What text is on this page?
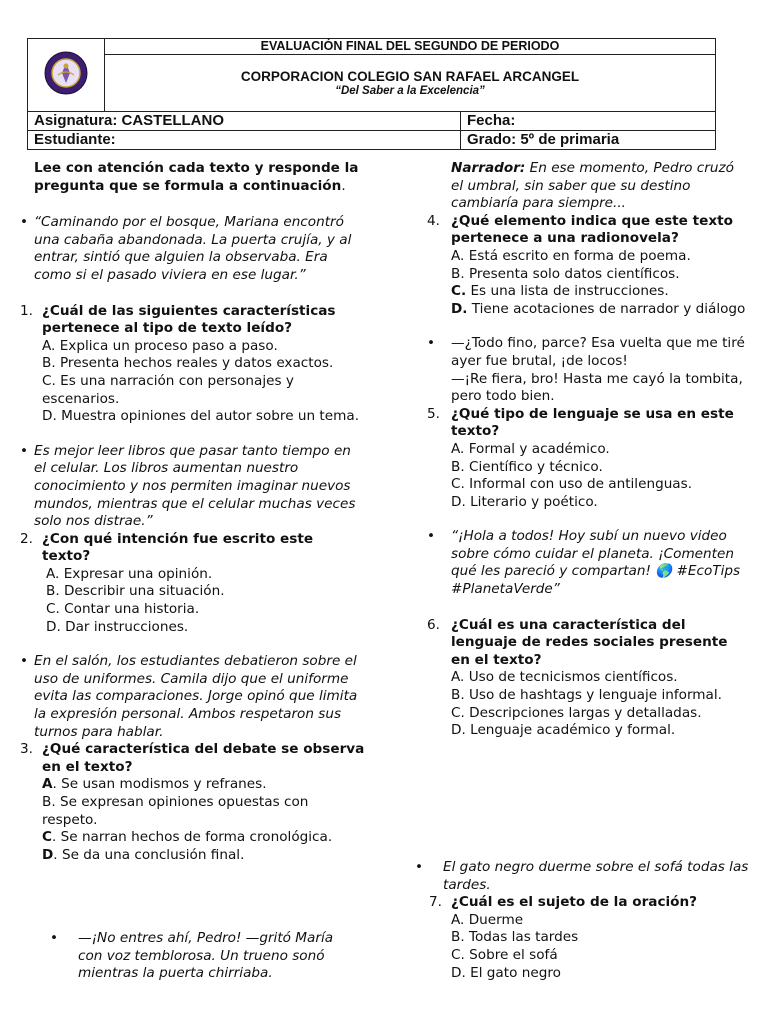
	EVALUACIÓN FINAL DEL SEGUNDO DE PERIODO

CORPORACION COLEGIO SAN RAFAEL ARCANGEL
“Del Saber a la Excelencia”
Asignatura: CASTELLANO	Fecha:
Estudiante:	Grado: 5º de primaria

Lee con atención cada texto y responde la pregunta que se formula a continuación.

• “Caminando por el bosque, Mariana encontró una cabaña abandonada. La puerta crujía, y al entrar, sintió que alguien la observaba. Era como si el pasado viviera en ese lugar.”
1. ¿Cuál de las siguientes características pertenece al tipo de texto leído?

A. Explica un proceso paso a paso.

B. Presenta hechos reales y datos exactos.

C. Es una narración con personajes y escenarios.

D. Muestra opiniones del autor sobre un tema.

• Es mejor leer libros que pasar tanto tiempo en el celular. Los libros aumentan nuestro conocimiento y nos permiten imaginar nuevos mundos, mientras que el celular muchas veces solo nos distrae.”
2. ¿Con qué intención fue escrito este texto?

A. Expresar una opinión.

B. Describir una situación.

C. Contar una historia.

D. Dar instrucciones.

• En el salón, los estudiantes debatieron sobre el uso de uniformes. Camila dijo que el uniforme evita las comparaciones. Jorge opinó que limita la expresión personal. Ambos respetaron sus turnos para hablar.
3. ¿Qué característica del debate se observa en el texto?

A. Se usan modismos y refranes.

B. Se expresan opiniones opuestas con respeto.

C. Se narran hechos de forma cronológica.

D. Se da una conclusión final.

• —¡No entres ahí, Pedro! —gritó María con voz temblorosa. Un trueno sonó mientras la puerta chirriaba.

Narrador: En ese momento, Pedro cruzó el umbral, sin saber que su destino cambiaría para siempre...

4. ¿Qué elemento indica que este texto pertenece a una radionovela?

A. Está escrito en forma de poema.

B. Presenta solo datos científicos.

C. Es una lista de instrucciones.

D. Tiene acotaciones de narrador y diálogo

• —¿Todo fino, parce? Esa vuelta que me tiré ayer fue brutal, ¡de locos!

—¡Re fiera, bro! Hasta me cayó la tombita, pero todo bien.

5. ¿Qué tipo de lenguaje se usa en este texto?

A. Formal y académico.

B. Científico y técnico.

C. Informal con uso de antilenguas.

D. Literario y poético.

• “¡Hola a todos! Hoy subí un nuevo video sobre cómo cuidar el planeta. ¡Comenten qué les pareció y compartan! 🌎 #EcoTips #PlanetaVerde”
6. ¿Cuál es una característica del lenguaje de redes sociales presente en el texto?

A. Uso de tecnicismos científicos.

B. Uso de hashtags y lenguaje informal.

C. Descripciones largas y detalladas.

D. Lenguaje académico y formal.

• El gato negro duerme sobre el sofá todas las tardes.
7. ¿Cuál es el sujeto de la oración?

A. Duerme

B. Todas las tardes

C. Sobre el sofá

D. El gato negro
